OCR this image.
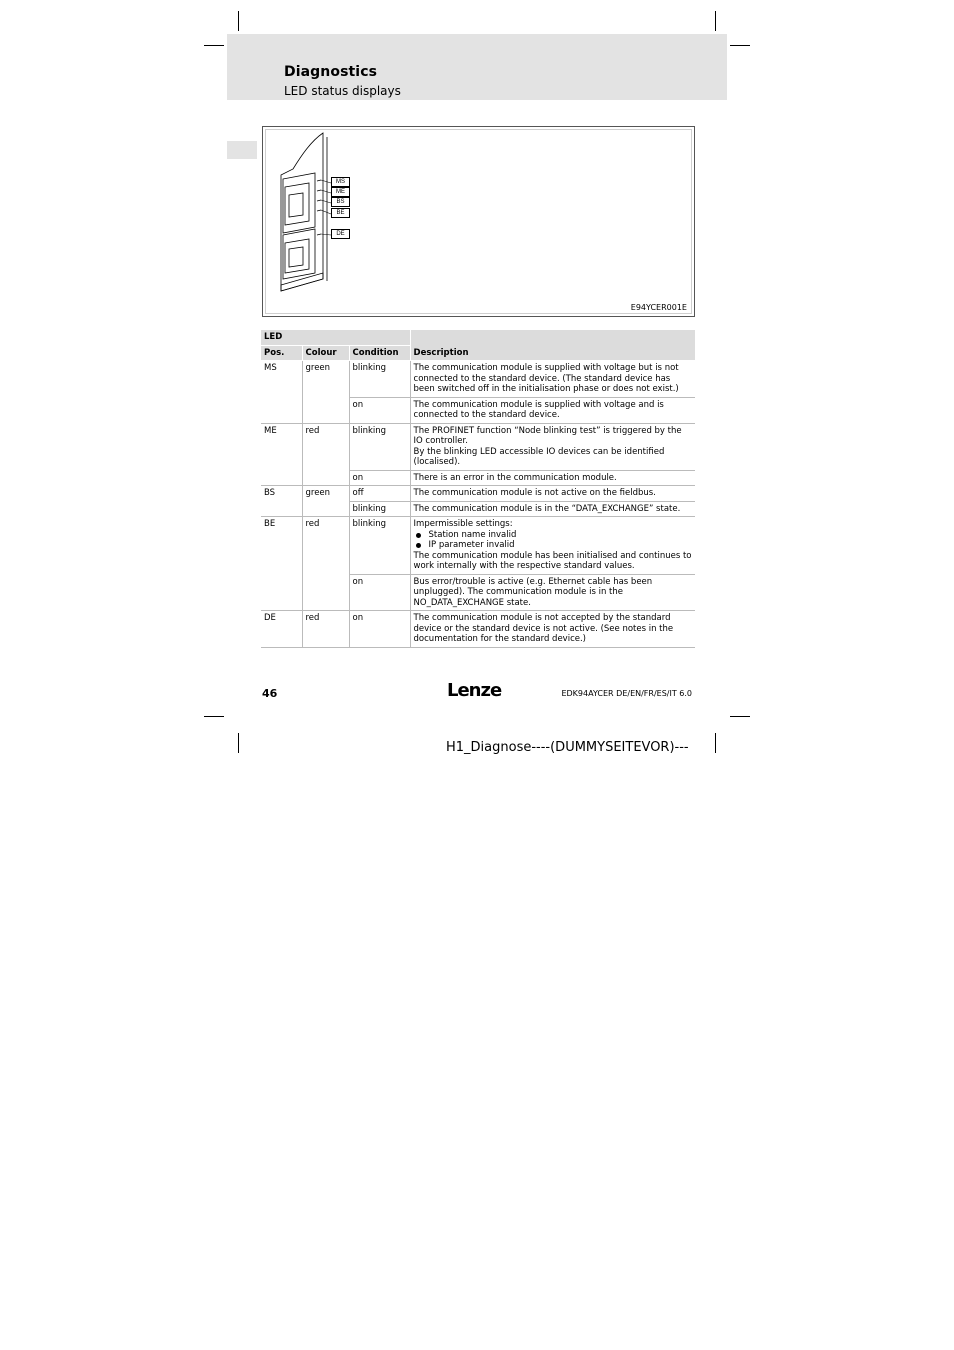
Diagnostics
LED status displays
MS
ME
BS
BE
DE
E94YCER001E
LED			Description
Pos.	Colour	Condition	
MS	green	blinking	The communication module is supplied with voltage but is not connected to the standard device. (The standard device has been switched off in the initialisation phase or does not exist.)

		on	The communication module is supplied with voltage and is connected to the standard device.

ME	red	blinking	The PROFINET function “Node blinking test” is triggered by the IO controller.
By the blinking LED accessible IO devices can be identified (localised).

		on	There is an error in the communication module.

BS	green	off	The communication module is not active on the fieldbus.

		blinking	The communication module is in the “DATA_EXCHANGE” state.

BE	red	blinking	Impermissible settings:
Station name invalid
IP parameter invalid
The communication module has been initialised and continues to work internally with the respective standard values.

		on	Bus error/trouble is active (e.g. Ethernet cable has been unplugged). The communication module is in the NO_DATA_EXCHANGE state.

DE	red	on	The communication module is not accepted by the standard device or the standard device is not active. (See notes in the documentation for the standard device.)
46	Lenze	EDK94AYCER DE/EN/FR/ES/IT 6.0
H1_Diagnose----(DUMMYSEITEVOR)---
